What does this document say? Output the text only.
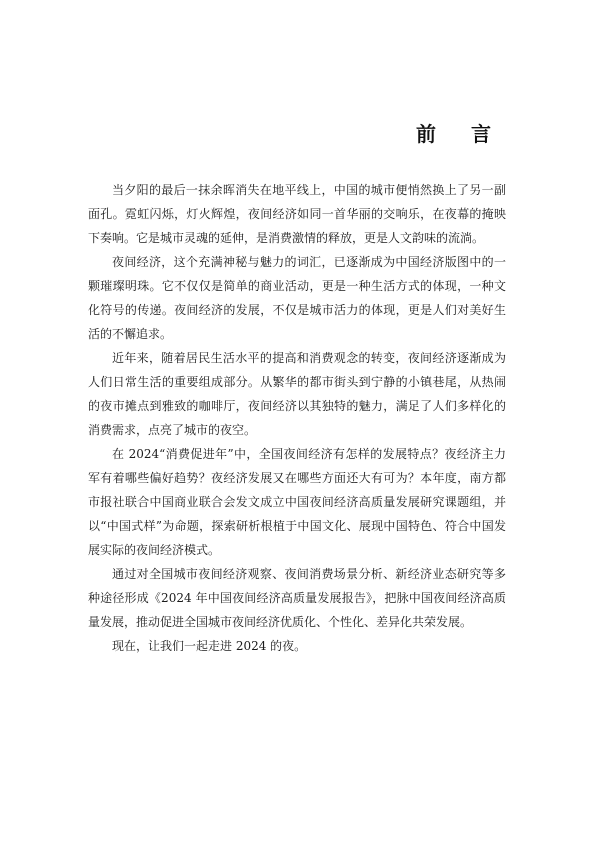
前 言

当夕阳的最后一抹余晖消失在地平线上，中国的城市便悄然换上了另一副面孔。霓虹闪烁，灯火辉煌，夜间经济如同一首华丽的交响乐，在夜幕的掩映下奏响。它是城市灵魂的延伸，是消费激情的释放，更是人文韵味的流淌。

夜间经济，这个充满神秘与魅力的词汇，已逐渐成为中国经济版图中的一颗璀璨明珠。它不仅仅是简单的商业活动，更是一种生活方式的体现，一种文化符号的传递。夜间经济的发展，不仅是城市活力的体现，更是人们对美好生活的不懈追求。

近年来，随着居民生活水平的提高和消费观念的转变，夜间经济逐渐成为人们日常生活的重要组成部分。从繁华的都市街头到宁静的小镇巷尾，从热闹的夜市摊点到雅致的咖啡厅，夜间经济以其独特的魅力，满足了人们多样化的消费需求，点亮了城市的夜空。

在 2024“消费促进年”中，全国夜间经济有怎样的发展特点？夜经济主力军有着哪些偏好趋势？夜经济发展又在哪些方面还大有可为？本年度，南方都市报社联合中国商业联合会发文成立中国夜间经济高质量发展研究课题组，并以“中国式样”为命题，探索研析根植于中国文化、展现中国特色、符合中国发展实际的夜间经济模式。

通过对全国城市夜间经济观察、夜间消费场景分析、新经济业态研究等多种途径形成《2024 年中国夜间经济高质量发展报告》，把脉中国夜间经济高质量发展，推动促进全国城市夜间经济优质化、个性化、差异化共荣发展。

现在，让我们一起走进 2024 的夜。
